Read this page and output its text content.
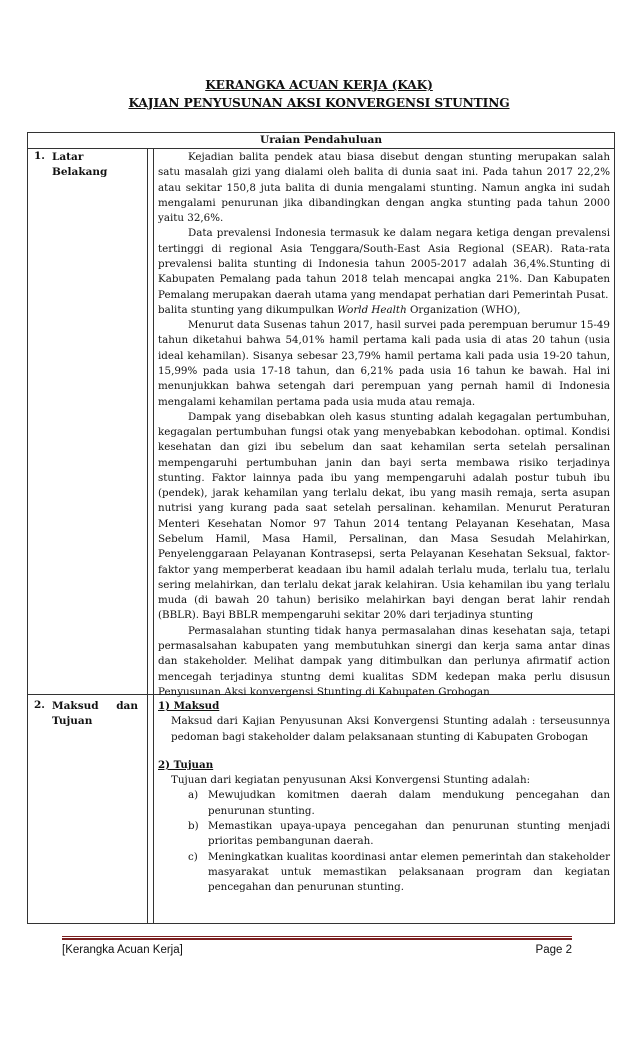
KERANGKA ACUAN KERJA (KAK)
KAJIAN PENYUSUNAN AKSI KONVERGENSI STUNTING
Uraian Pendahuluan
1. Latar
Belakang

Kejadian balita pendek atau biasa disebut dengan stunting merupakan salah satu masalah gizi yang dialami oleh balita di dunia saat ini. Pada tahun 2017 22,2% atau sekitar 150,8 juta balita di dunia mengalami stunting. Namun angka ini sudah mengalami penurunan jika dibandingkan dengan angka stunting pada tahun 2000 yaitu 32,6%.

Data prevalensi Indonesia termasuk ke dalam negara ketiga dengan prevalensi tertinggi di regional Asia Tenggara/South-East Asia Regional (SEAR). Rata-rata prevalensi balita stunting di Indonesia tahun 2005-2017 adalah 36,4%.Stunting di Kabupaten Pemalang pada tahun 2018 telah mencapai angka 21%. Dan Kabupaten Pemalang merupakan daerah utama yang mendapat perhatian dari Pemerintah Pusat.

balita stunting yang dikumpulkan World Health Organization (WHO),

Menurut data Susenas tahun 2017, hasil survei pada perempuan berumur 15-49 tahun diketahui bahwa 54,01% hamil pertama kali pada usia di atas 20 tahun (usia ideal kehamilan). Sisanya sebesar 23,79% hamil pertama kali pada usia 19-20 tahun, 15,99% pada usia 17-18 tahun, dan 6,21% pada usia 16 tahun ke bawah. Hal ini menunjukkan bahwa setengah dari perempuan yang pernah hamil di Indonesia mengalami kehamilan pertama pada usia muda atau remaja.

Dampak yang disebabkan oleh kasus stunting adalah kegagalan pertumbuhan, kegagalan pertumbuhan fungsi otak yang menyebabkan kebodohan. optimal. Kondisi kesehatan dan gizi ibu sebelum dan saat kehamilan serta setelah persalinan mempengaruhi pertumbuhan janin dan bayi serta membawa risiko terjadinya stunting. Faktor lainnya pada ibu yang mempengaruhi adalah postur tubuh ibu (pendek), jarak kehamilan yang terlalu dekat, ibu yang masih remaja, serta asupan nutrisi yang kurang pada saat setelah persalinan. kehamilan. Menurut Peraturan Menteri Kesehatan Nomor 97 Tahun 2014 tentang Pelayanan Kesehatan, Masa Sebelum Hamil, Masa Hamil, Persalinan, dan Masa Sesudah Melahirkan, Penyelenggaraan Pelayanan Kontrasepsi, serta Pelayanan Kesehatan Seksual, faktor-faktor yang memperberat keadaan ibu hamil adalah terlalu muda, terlalu tua, terlalu sering melahirkan, dan terlalu dekat jarak kelahiran. Usia kehamilan ibu yang terlalu muda (di bawah 20 tahun) berisiko melahirkan bayi dengan berat lahir rendah (BBLR). Bayi BBLR mempengaruhi sekitar 20% dari terjadinya stunting

Permasalahan stunting tidak hanya permasalahan dinas kesehatan saja, tetapi permasalsahan kabupaten yang membutuhkan sinergi dan kerja sama antar dinas dan stakeholder. Melihat dampak yang ditimbulkan dan perlunya afirmatif action mencegah terjadinya stuntng demi kualitas SDM kedepan maka perlu disusun Penyusunan Aksi konvergensi Stunting di Kabupaten Grobogan

2. Maksud dan
Tujuan

1) Maksud

Maksud dari Kajian Penyusunan Aksi Konvergensi Stunting adalah : terseusunnya pedoman bagi stakeholder dalam pelaksanaan stunting di Kabupaten Grobogan

2) Tujuan

Tujuan dari kegiatan penyusunan Aksi Konvergensi Stunting adalah:

a) Mewujudkan komitmen daerah dalam mendukung pencegahan dan penurunan stunting.
b) Memastikan upaya-upaya pencegahan dan penurunan stunting menjadi prioritas pembangunan daerah.
c) Meningkatkan kualitas koordinasi antar elemen pemerintah dan stakeholder masyarakat untuk memastikan pelaksanaan program dan kegiatan pencegahan dan penurunan stunting.
[Kerangka Acuan Kerja]	Page 2
